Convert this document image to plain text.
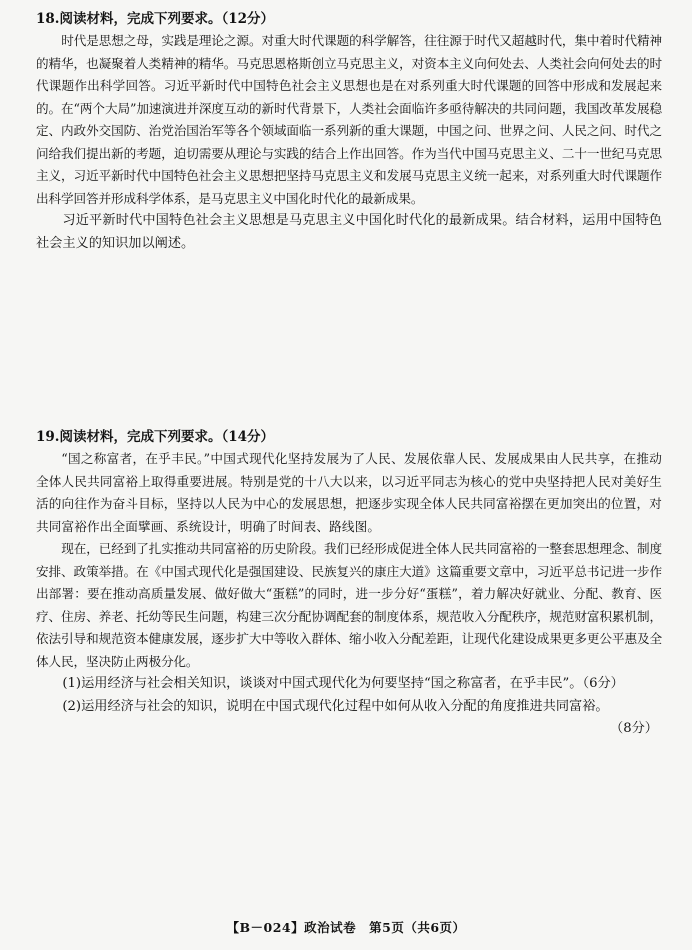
18.阅读材料，完成下列要求。（12分）

时代是思想之母，实践是理论之源。对重大时代课题的科学解答，往往源于时代又超越时代，集中着时代精神的精华，也凝聚着人类精神的精华。马克思恩格斯创立马克思主义，对资本主义向何处去、人类社会向何处去的时代课题作出科学回答。习近平新时代中国特色社会主义思想也是在对系列重大时代课题的回答中形成和发展起来的。在“两个大局”加速演进并深度互动的新时代背景下，人类社会面临许多亟待解决的共同问题，我国改革发展稳定、内政外交国防、治党治国治军等各个领域面临一系列新的重大课题，中国之问、世界之问、人民之问、时代之问给我们提出新的考题，迫切需要从理论与实践的结合上作出回答。作为当代中国马克思主义、二十一世纪马克思主义，习近平新时代中国特色社会主义思想把坚持马克思主义和发展马克思主义统一起来，对系列重大时代课题作出科学回答并形成科学体系，是马克思主义中国化时代化的最新成果。

习近平新时代中国特色社会主义思想是马克思主义中国化时代化的最新成果。结合材料，运用中国特色社会主义的知识加以阐述。

19.阅读材料，完成下列要求。（14分）

“国之称富者，在乎丰民。”中国式现代化坚持发展为了人民、发展依靠人民、发展成果由人民共享，在推动全体人民共同富裕上取得重要进展。特别是党的十八大以来，以习近平同志为核心的党中央坚持把人民对美好生活的向往作为奋斗目标，坚持以人民为中心的发展思想，把逐步实现全体人民共同富裕摆在更加突出的位置，对共同富裕作出全面擘画、系统设计，明确了时间表、路线图。

现在，已经到了扎实推动共同富裕的历史阶段。我们已经形成促进全体人民共同富裕的一整套思想理念、制度安排、政策举措。在《中国式现代化是强国建设、民族复兴的康庄大道》这篇重要文章中，习近平总书记进一步作出部署：要在推动高质量发展、做好做大“蛋糕”的同时，进一步分好“蛋糕”，着力解决好就业、分配、教育、医疗、住房、养老、托幼等民生问题，构建三次分配协调配套的制度体系，规范收入分配秩序，规范财富积累机制，依法引导和规范资本健康发展，逐步扩大中等收入群体、缩小收入分配差距，让现代化建设成果更多更公平惠及全体人民，坚决防止两极分化。

(1)运用经济与社会相关知识，谈谈对中国式现代化为何要坚持“国之称富者，在乎丰民”。（6分）

(2)运用经济与社会的知识，说明在中国式现代化过程中如何从收入分配的角度推进共同富裕。

（8分）

【B－024】政治试卷　第5页（共6页）
